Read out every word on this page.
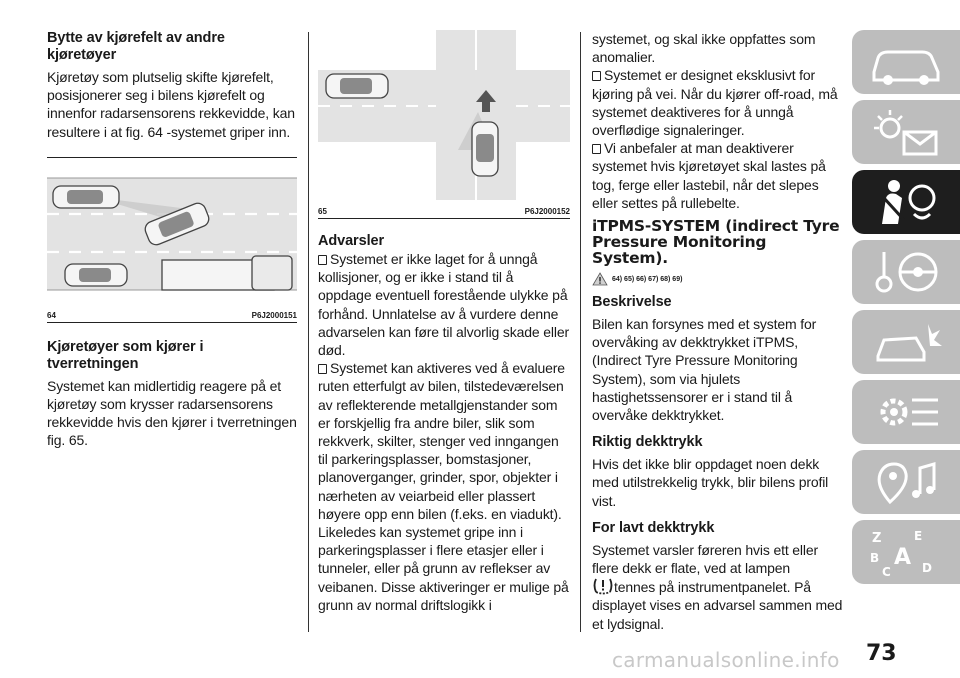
Bytte av kjørefelt av andre kjøretøyer

Kjøretøy som plutselig skifte kjørefelt, posisjonerer seg i bilens kjørefelt og innenfor radarsensorens rekkevidde, kan resultere i at fig. 64 -systemet griper inn.

64	P6J2000151
Kjøretøyer som kjører i tverretningen

Systemet kan midlertidig reagere på et kjøretøy som krysser radarsensorens rekkevidde hvis den kjører i tverretningen fig. 65.

65	P6J2000152
Advarsler

Systemet er ikke laget for å unngå kollisjoner, og er ikke i stand til å oppdage eventuell forestående ulykke på forhånd. Unnlatelse av å vurdere denne advarselen kan føre til alvorlig skade eller død.

Systemet kan aktiveres ved å evaluere ruten etterfulgt av bilen, tilstedeværelsen av reflekterende metallgjenstander som er forskjellig fra andre biler, slik som rekkverk, skilter, stenger ved inngangen til parkeringsplasser, bomstasjoner, planoverganger, grinder, spor, objekter i nærheten av veiarbeid eller plassert høyere opp enn bilen (f.eks. en viadukt). Likeledes kan systemet gripe inn i parkeringsplasser i flere etasjer eller i tunneler, eller på grunn av reflekser av veibanen. Disse aktiveringer er mulige på grunn av normal driftslogikk i

systemet, og skal ikke oppfattes som anomalier.

Systemet er designet eksklusivt for kjøring på vei. Når du kjører off-road, må systemet deaktiveres for å unngå overflødige signaleringer.

Vi anbefaler at man deaktiverer systemet hvis kjøretøyet skal lastes på tog, ferge eller lastebil, når det slepes eller settes på rullebelte.

iTPMS-SYSTEM (indirect Tyre Pressure Monitoring System).
64) 65) 66) 67) 68) 69)
Beskrivelse

Bilen kan forsynes med et system for overvåking av dekktrykket iTPMS, (Indirect Tyre Pressure Monitoring System), som via hjulets hastighetssensorer er i stand til å overvåke dekktrykket.

Riktig dekktrykk

Hvis det ikke blir oppdaget noen dekk med utilstrekkelig trykk, blir bilens profil vist.

For lavt dekktrykk

Systemet varsler føreren hvis ett eller flere dekk er flate, ved at lampen
tennes på instrumentpanelet. På displayet vises en advarsel sammen med et lydsignal.

Z	E
B A
C	D
73
carmanualsonline.info
